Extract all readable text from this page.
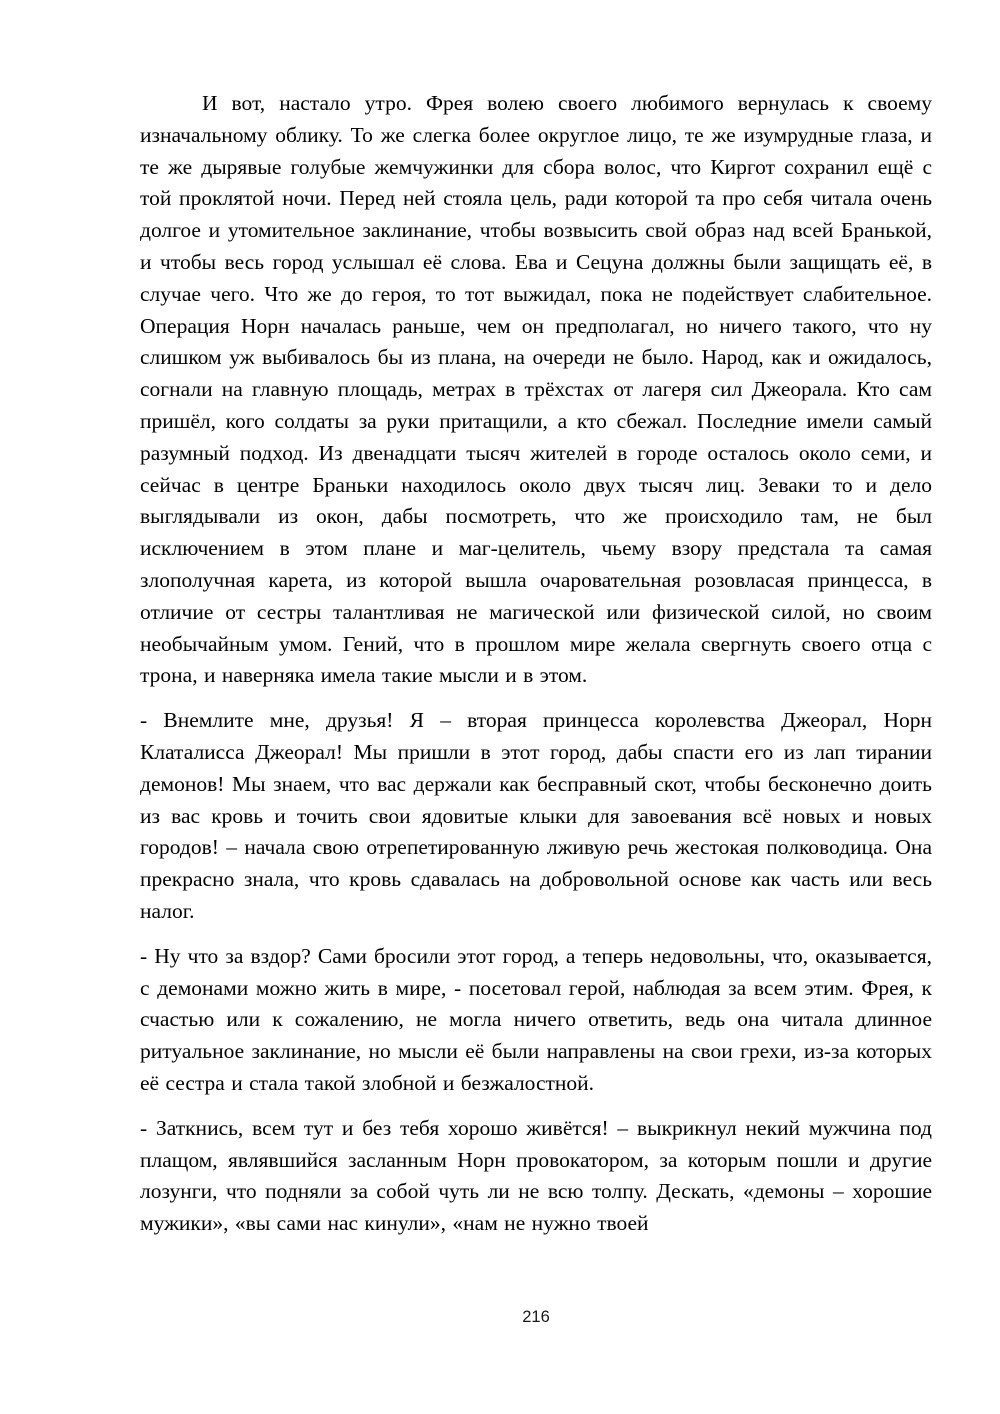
И вот, настало утро. Фрея волею своего любимого вернулась к своему изначальному облику. То же слегка более округлое лицо, те же изумрудные глаза, и те же дырявые голубые жемчужинки для сбора волос, что Киргот сохранил ещё с той проклятой ночи. Перед ней стояла цель, ради которой та про себя читала очень долгое и утомительное заклинание, чтобы возвысить свой образ над всей Бранькой, и чтобы весь город услышал её слова. Ева и Сецуна должны были защищать её, в случае чего. Что же до героя, то тот выжидал, пока не подействует слабительное. Операция Норн началась раньше, чем он предполагал, но ничего такого, что ну слишком уж выбивалось бы из плана, на очереди не было. Народ, как и ожидалось, согнали на главную площадь, метрах в трёхстах от лагеря сил Джеорала. Кто сам пришёл, кого солдаты за руки притащили, а кто сбежал. Последние имели самый разумный подход. Из двенадцати тысяч жителей в городе осталось около семи, и сейчас в центре Браньки находилось около двух тысяч лиц. Зеваки то и дело выглядывали из окон, дабы посмотреть, что же происходило там, не был исключением в этом плане и маг-целитель, чьему взору предстала та самая злополучная карета, из которой вышла очаровательная розовласая принцесса, в отличие от сестры талантливая не магической или физической силой, но своим необычайным умом. Гений, что в прошлом мире желала свергнуть своего отца с трона, и наверняка имела такие мысли и в этом.

- Внемлите мне, друзья! Я – вторая принцесса королевства Джеорал, Норн Клаталисса Джеорал! Мы пришли в этот город, дабы спасти его из лап тирании демонов! Мы знаем, что вас держали как бесправный скот, чтобы бесконечно доить из вас кровь и точить свои ядовитые клыки для завоевания всё новых и новых городов! – начала свою отрепетированную лживую речь жестокая полководица. Она прекрасно знала, что кровь сдавалась на добровольной основе как часть или весь налог.

- Ну что за вздор? Сами бросили этот город, а теперь недовольны, что, оказывается, с демонами можно жить в мире, - посетовал герой, наблюдая за всем этим. Фрея, к счастью или к сожалению, не могла ничего ответить, ведь она читала длинное ритуальное заклинание, но мысли её были направлены на свои грехи, из-за которых её сестра и стала такой злобной и безжалостной.

- Заткнись, всем тут и без тебя хорошо живётся! – выкрикнул некий мужчина под плащом, являвшийся засланным Норн провокатором, за которым пошли и другие лозунги, что подняли за собой чуть ли не всю толпу. Дескать, «демоны – хорошие мужики», «вы сами нас кинули», «нам не нужно твоей

216
